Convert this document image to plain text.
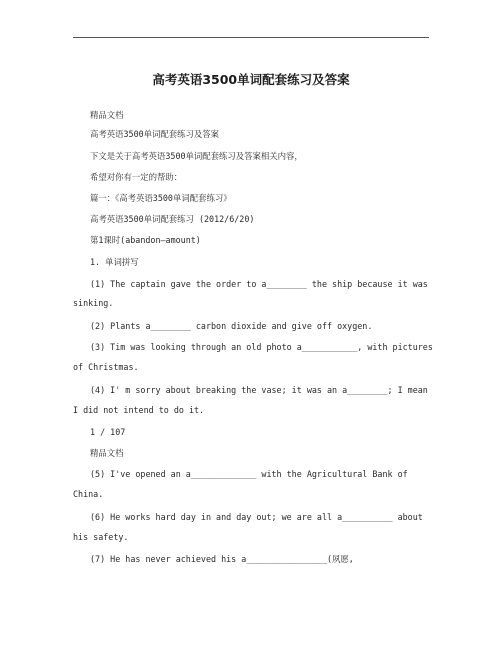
高考英语3500单词配套练习及答案
精品文档
高考英语3500单词配套练习及答案
下文是关于高考英语3500单词配套练习及答案相关内容，
希望对你有一定的帮助：
篇一：《高考英语3500单词配套练习》
高考英语3500单词配套练习 (2012/6/20)
第1课时(abandon—amount)
1. 单词拼写
(1) The captain gave the order to a________ the ship because it was
sinking.
(2) Plants a________ carbon dioxide and give off oxygen.
(3) Tim was looking through an old photo a___________, with pictures
of Christmas.
(4) I' m sorry about breaking the vase; it was an a________; I mean
I did not intend to do it.
1 / 107
精品文档
(5) I've opened an a_____________ with the Agricultural Bank of
China.
(6) He works hard day in and day out; we are all a__________ about
his safety.
(7) He has never achieved his a________________(夙愿,
